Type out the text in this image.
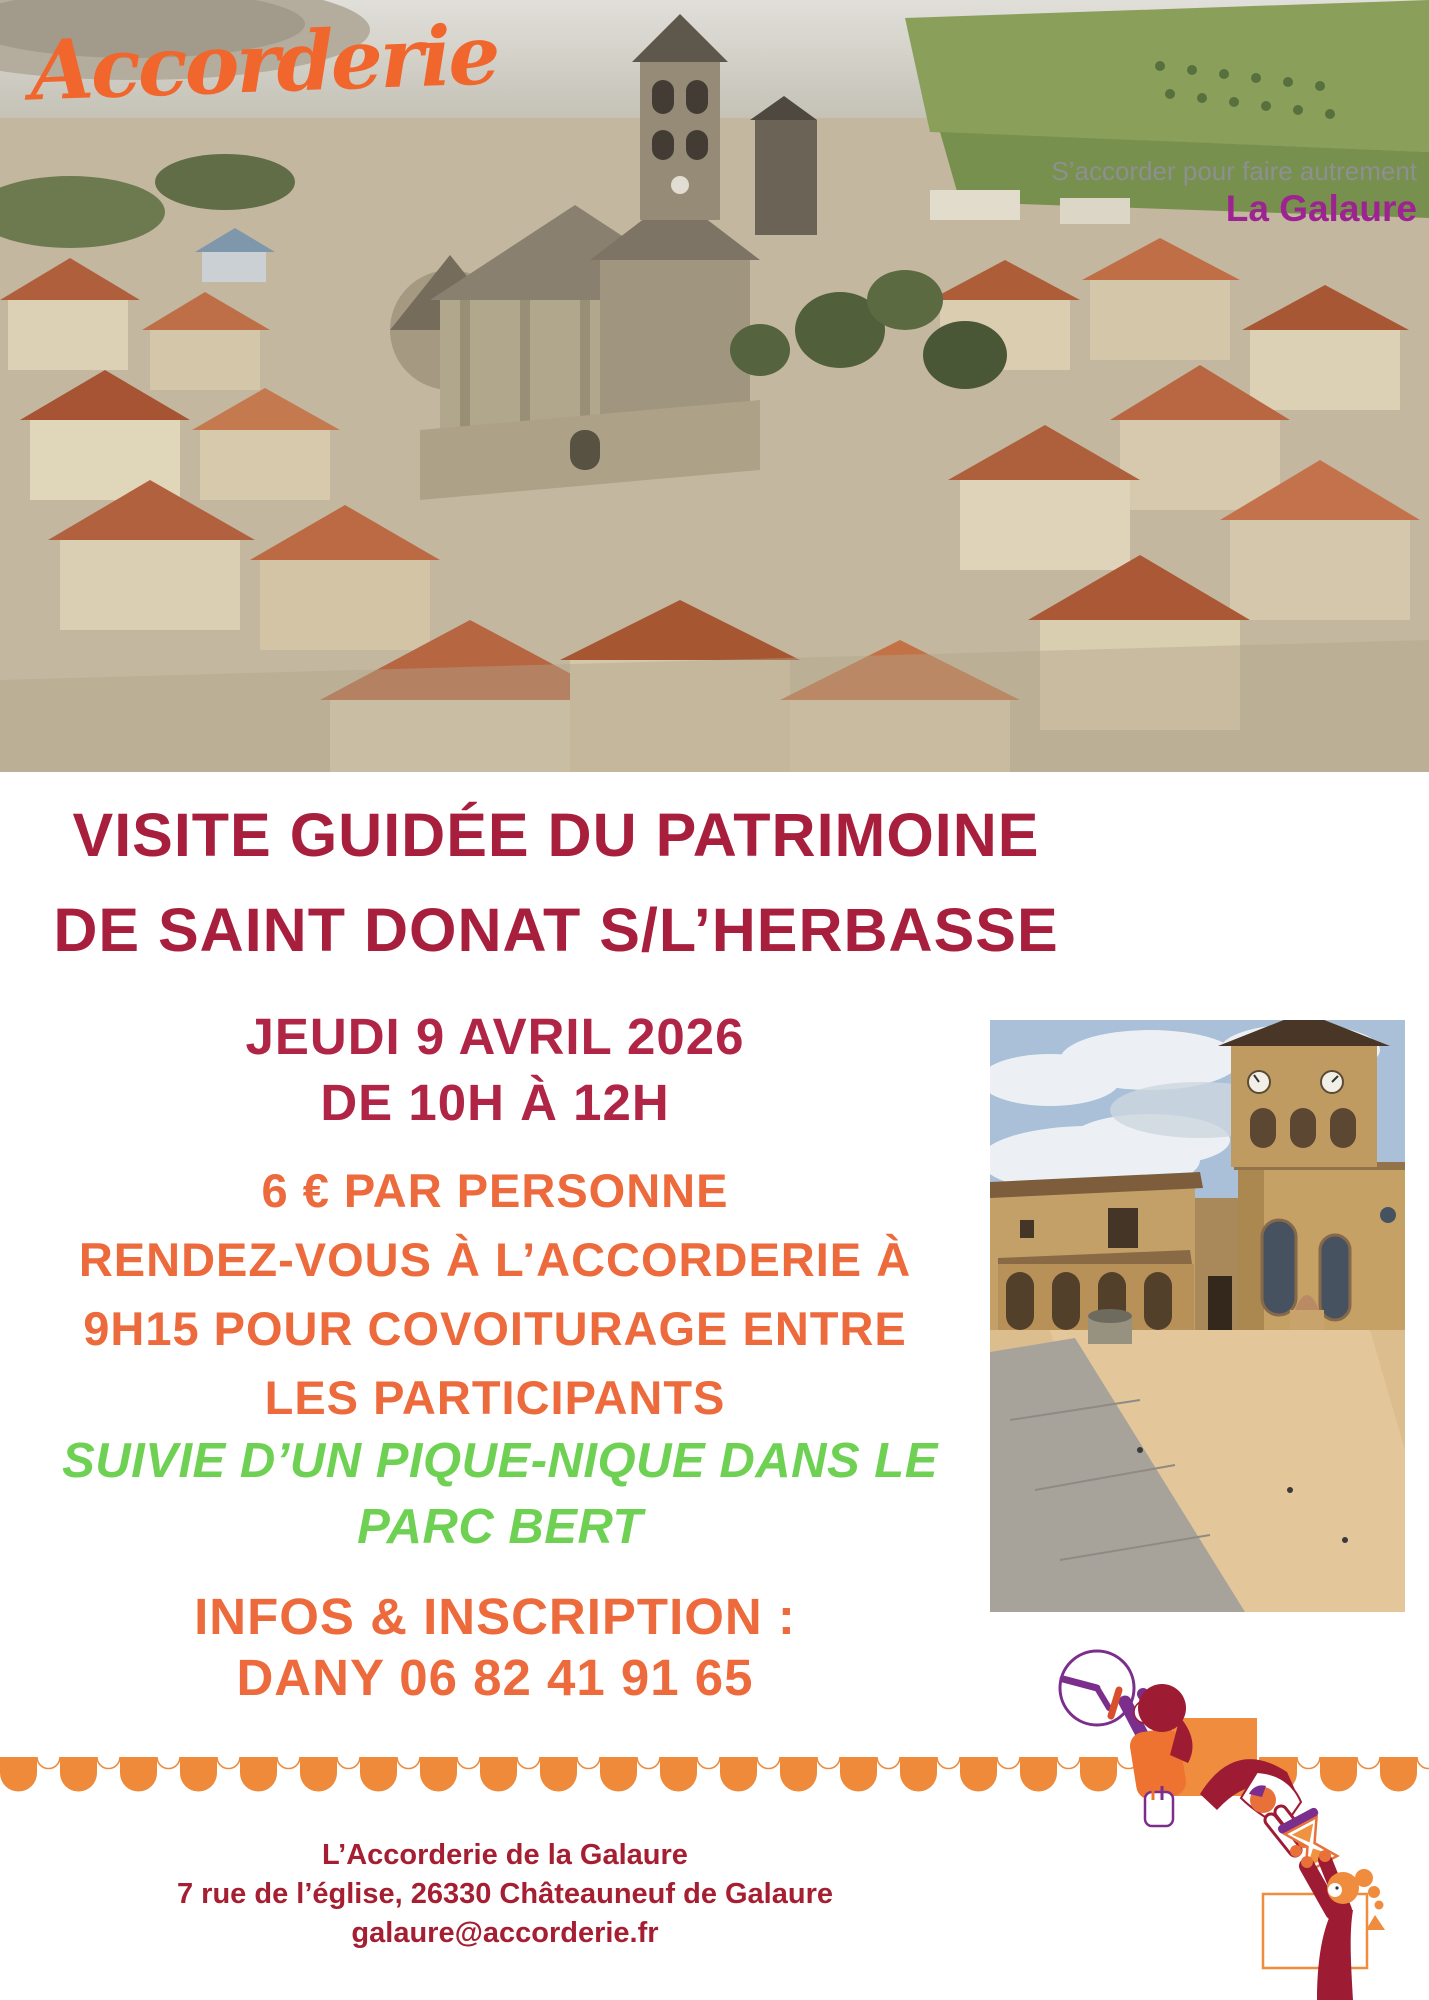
Accorderie
S’accorder pour faire autrement
La Galaure
VISITE GUIDÉE DU PATRIMOINE
DE SAINT DONAT S/L’HERBASSE
JEUDI 9 AVRIL 2026
DE 10H À 12H
6 € PAR PERSONNE
RENDEZ-VOUS À L’ACCORDERIE À
9H15 POUR COVOITURAGE ENTRE
LES PARTICIPANTS
SUIVIE D’UN PIQUE-NIQUE DANS LE
PARC BERT
INFOS & INSCRIPTION :
DANY 06 82 41 91 65
L’Accorderie de la Galaure
7 rue de l’église, 26330 Châteauneuf de Galaure
galaure@accorderie.fr
